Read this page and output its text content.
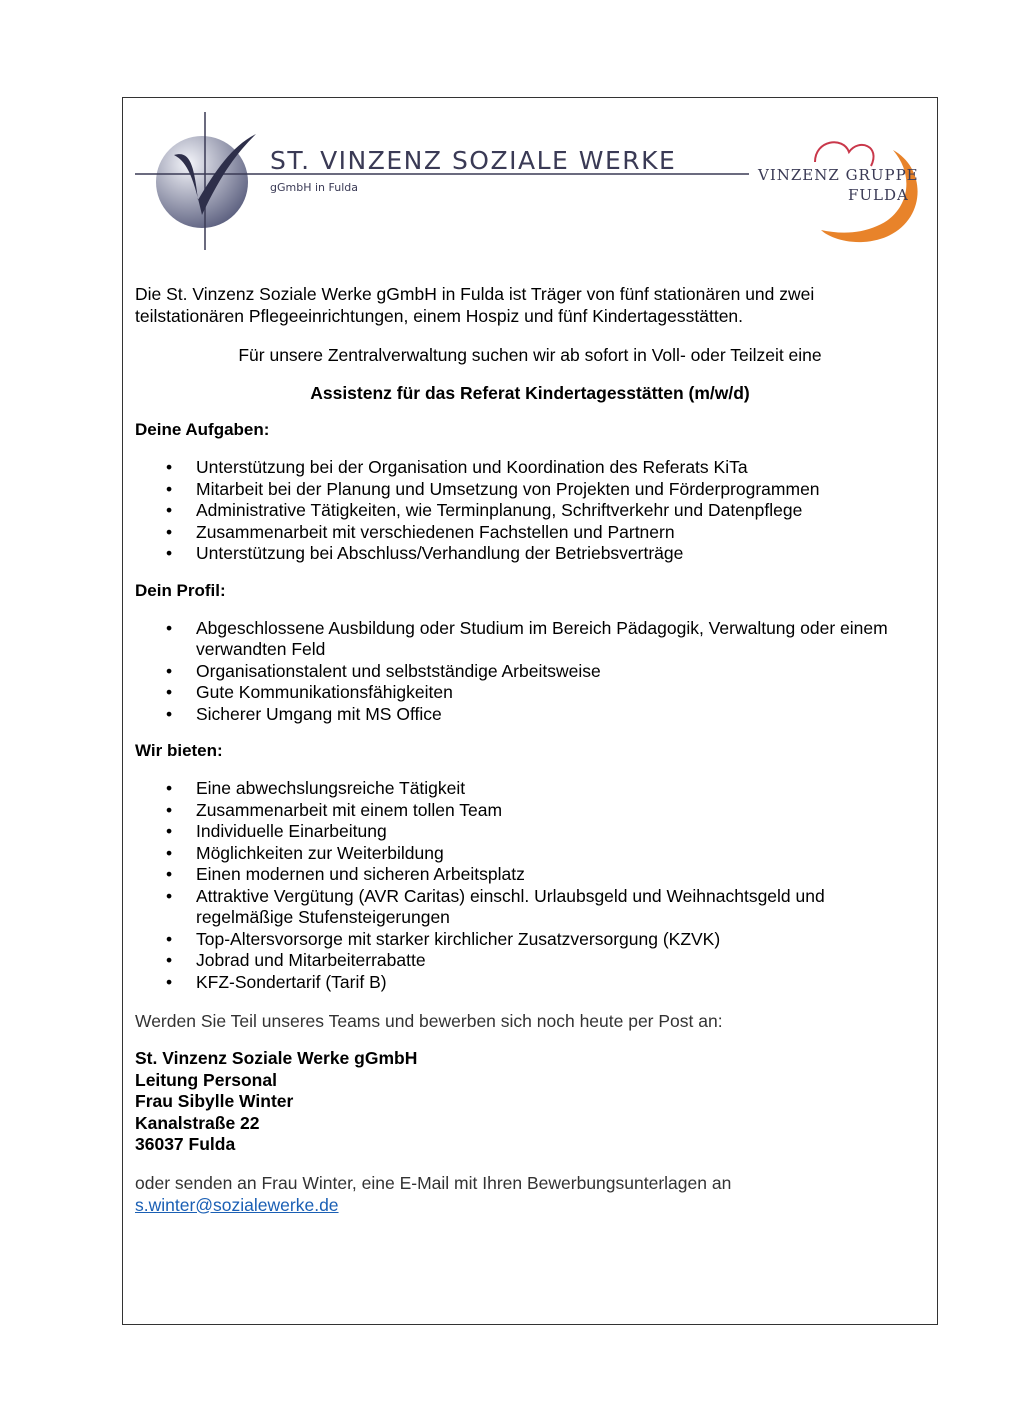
ST. VINZENZ SOZIALE WERKE
gGmbH in Fulda
VINZENZ GRUPPE
FULDA

Die St. Vinzenz Soziale Werke gGmbH in Fulda ist Träger von fünf stationären und zwei teilstationären Pflegeeinrichtungen, einem Hospiz und fünf Kindertagesstätten.

Für unsere Zentralverwaltung suchen wir ab sofort in Voll- oder Teilzeit eine

Assistenz für das Referat Kindertagesstätten (m/w/d)

Deine Aufgaben:

• Unterstützung bei der Organisation und Koordination des Referats KiTa
• Mitarbeit bei der Planung und Umsetzung von Projekten und Förderprogrammen
• Administrative Tätigkeiten, wie Terminplanung, Schriftverkehr und Datenpflege
• Zusammenarbeit mit verschiedenen Fachstellen und Partnern
• Unterstützung bei Abschluss/Verhandlung der Betriebsverträge

Dein Profil:

• Abgeschlossene Ausbildung oder Studium im Bereich Pädagogik, Verwaltung oder einem verwandten Feld
• Organisationstalent und selbstständige Arbeitsweise
• Gute Kommunikationsfähigkeiten
• Sicherer Umgang mit MS Office

Wir bieten:

• Eine abwechslungsreiche Tätigkeit
• Zusammenarbeit mit einem tollen Team
• Individuelle Einarbeitung
• Möglichkeiten zur Weiterbildung
• Einen modernen und sicheren Arbeitsplatz
• Attraktive Vergütung (AVR Caritas) einschl. Urlaubsgeld und Weihnachtsgeld und regelmäßige Stufensteigerungen
• Top-Altersvorsorge mit starker kirchlicher Zusatzversorgung (KZVK)
• Jobrad und Mitarbeiterrabatte
• KFZ-Sondertarif (Tarif B)

Werden Sie Teil unseres Teams und bewerben sich noch heute per Post an:

St. Vinzenz Soziale Werke gGmbH
Leitung Personal
Frau Sibylle Winter
Kanalstraße 22
36037 Fulda

oder senden an Frau Winter, eine E-Mail mit Ihren Bewerbungsunterlagen an
s.winter@sozialewerke.de
